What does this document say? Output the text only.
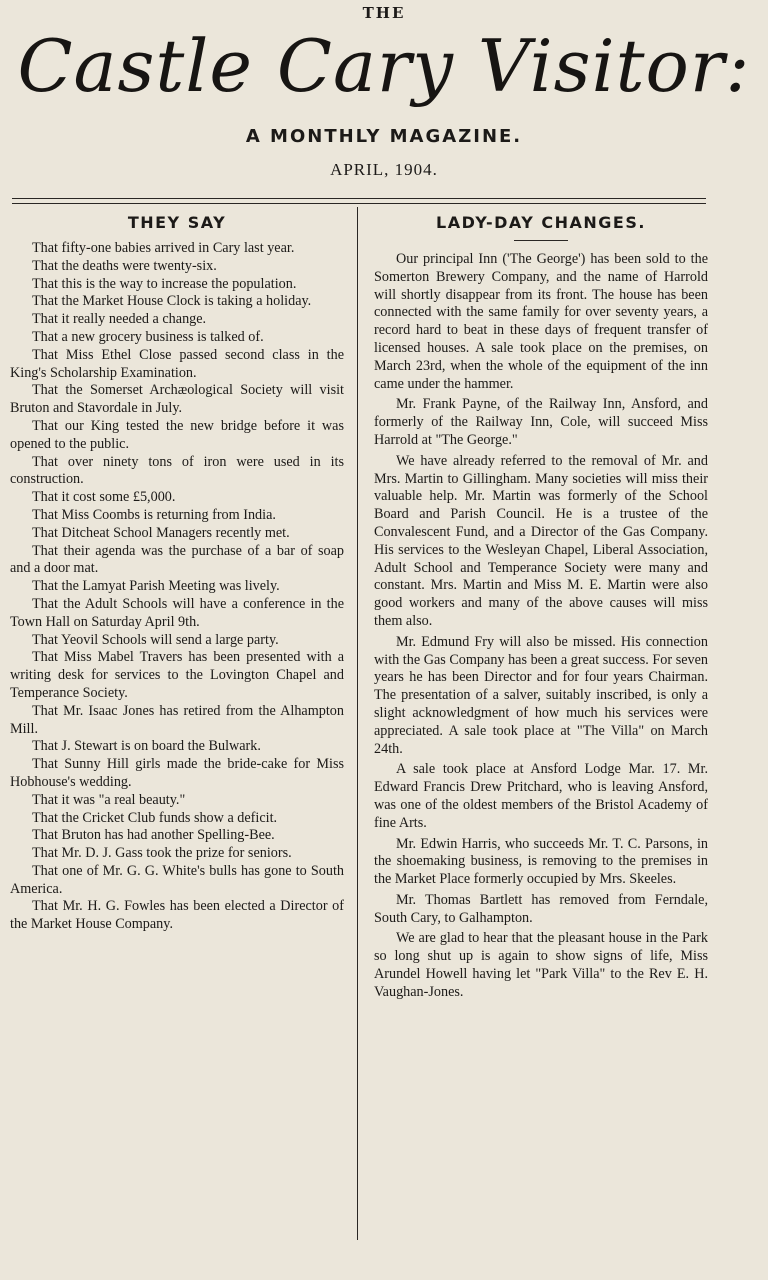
THE
Castle Cary Visitor:
A MONTHLY MAGAZINE.
APRIL, 1904.
THEY SAY

That fifty-one babies arrived in Cary last year.

That the deaths were twenty-six.

That this is the way to increase the population.

That the Market House Clock is taking a holiday.

That it really needed a change.

That a new grocery business is talked of.

That Miss Ethel Close passed second class in the King's Scholarship Examination.

That the Somerset Archæological Society will visit Bruton and Stavordale in July.

That our King tested the new bridge before it was opened to the public.

That over ninety tons of iron were used in its construction.

That it cost some £5,000.

That Miss Coombs is returning from India.

That Ditcheat School Managers recently met.

That their agenda was the purchase of a bar of soap and a door mat.

That the Lamyat Parish Meeting was lively.

That the Adult Schools will have a conference in the Town Hall on Saturday April 9th.

That Yeovil Schools will send a large party.

That Miss Mabel Travers has been presented with a writing desk for services to the Lovington Chapel and Temperance Society.

That Mr. Isaac Jones has retired from the Alhampton Mill.

That J. Stewart is on board the Bulwark.

That Sunny Hill girls made the bride-cake for Miss Hobhouse's wedding.

That it was "a real beauty."

That the Cricket Club funds show a deficit.

That Bruton has had another Spelling-Bee.

That Mr. D. J. Gass took the prize for seniors.

That one of Mr. G. G. White's bulls has gone to South America.

That Mr. H. G. Fowles has been elected a Director of the Market House Company.

LADY-DAY CHANGES.

Our principal Inn ('The George') has been sold to the Somerton Brewery Company, and the name of Harrold will shortly disappear from its front. The house has been connected with the same family for over seventy years, a record hard to beat in these days of frequent transfer of licensed houses. A sale took place on the premises, on March 23rd, when the whole of the equipment of the inn came under the hammer.

Mr. Frank Payne, of the Railway Inn, Ansford, and formerly of the Railway Inn, Cole, will succeed Miss Harrold at "The George."

We have already referred to the removal of Mr. and Mrs. Martin to Gillingham. Many societies will miss their valuable help. Mr. Martin was formerly of the School Board and Parish Council. He is a trustee of the Convalescent Fund, and a Director of the Gas Company. His services to the Wesleyan Chapel, Liberal Association, Adult School and Temperance Society were many and constant. Mrs. Martin and Miss M. E. Martin were also good workers and many of the above causes will miss them also.

Mr. Edmund Fry will also be missed. His connection with the Gas Company has been a great success. For seven years he has been Director and for four years Chairman. The presentation of a salver, suitably inscribed, is only a slight acknowledgment of how much his services were appreciated. A sale took place at "The Villa" on March 24th.

A sale took place at Ansford Lodge Mar. 17. Mr. Edward Francis Drew Pritchard, who is leaving Ansford, was one of the oldest members of the Bristol Academy of fine Arts.

Mr. Edwin Harris, who succeeds Mr. T. C. Parsons, in the shoemaking business, is removing to the premises in the Market Place formerly occupied by Mrs. Skeeles.

Mr. Thomas Bartlett has removed from Ferndale, South Cary, to Galhampton.

We are glad to hear that the pleasant house in the Park so long shut up is again to show signs of life, Miss Arundel Howell having let "Park Villa" to the Rev E. H. Vaughan-Jones.
